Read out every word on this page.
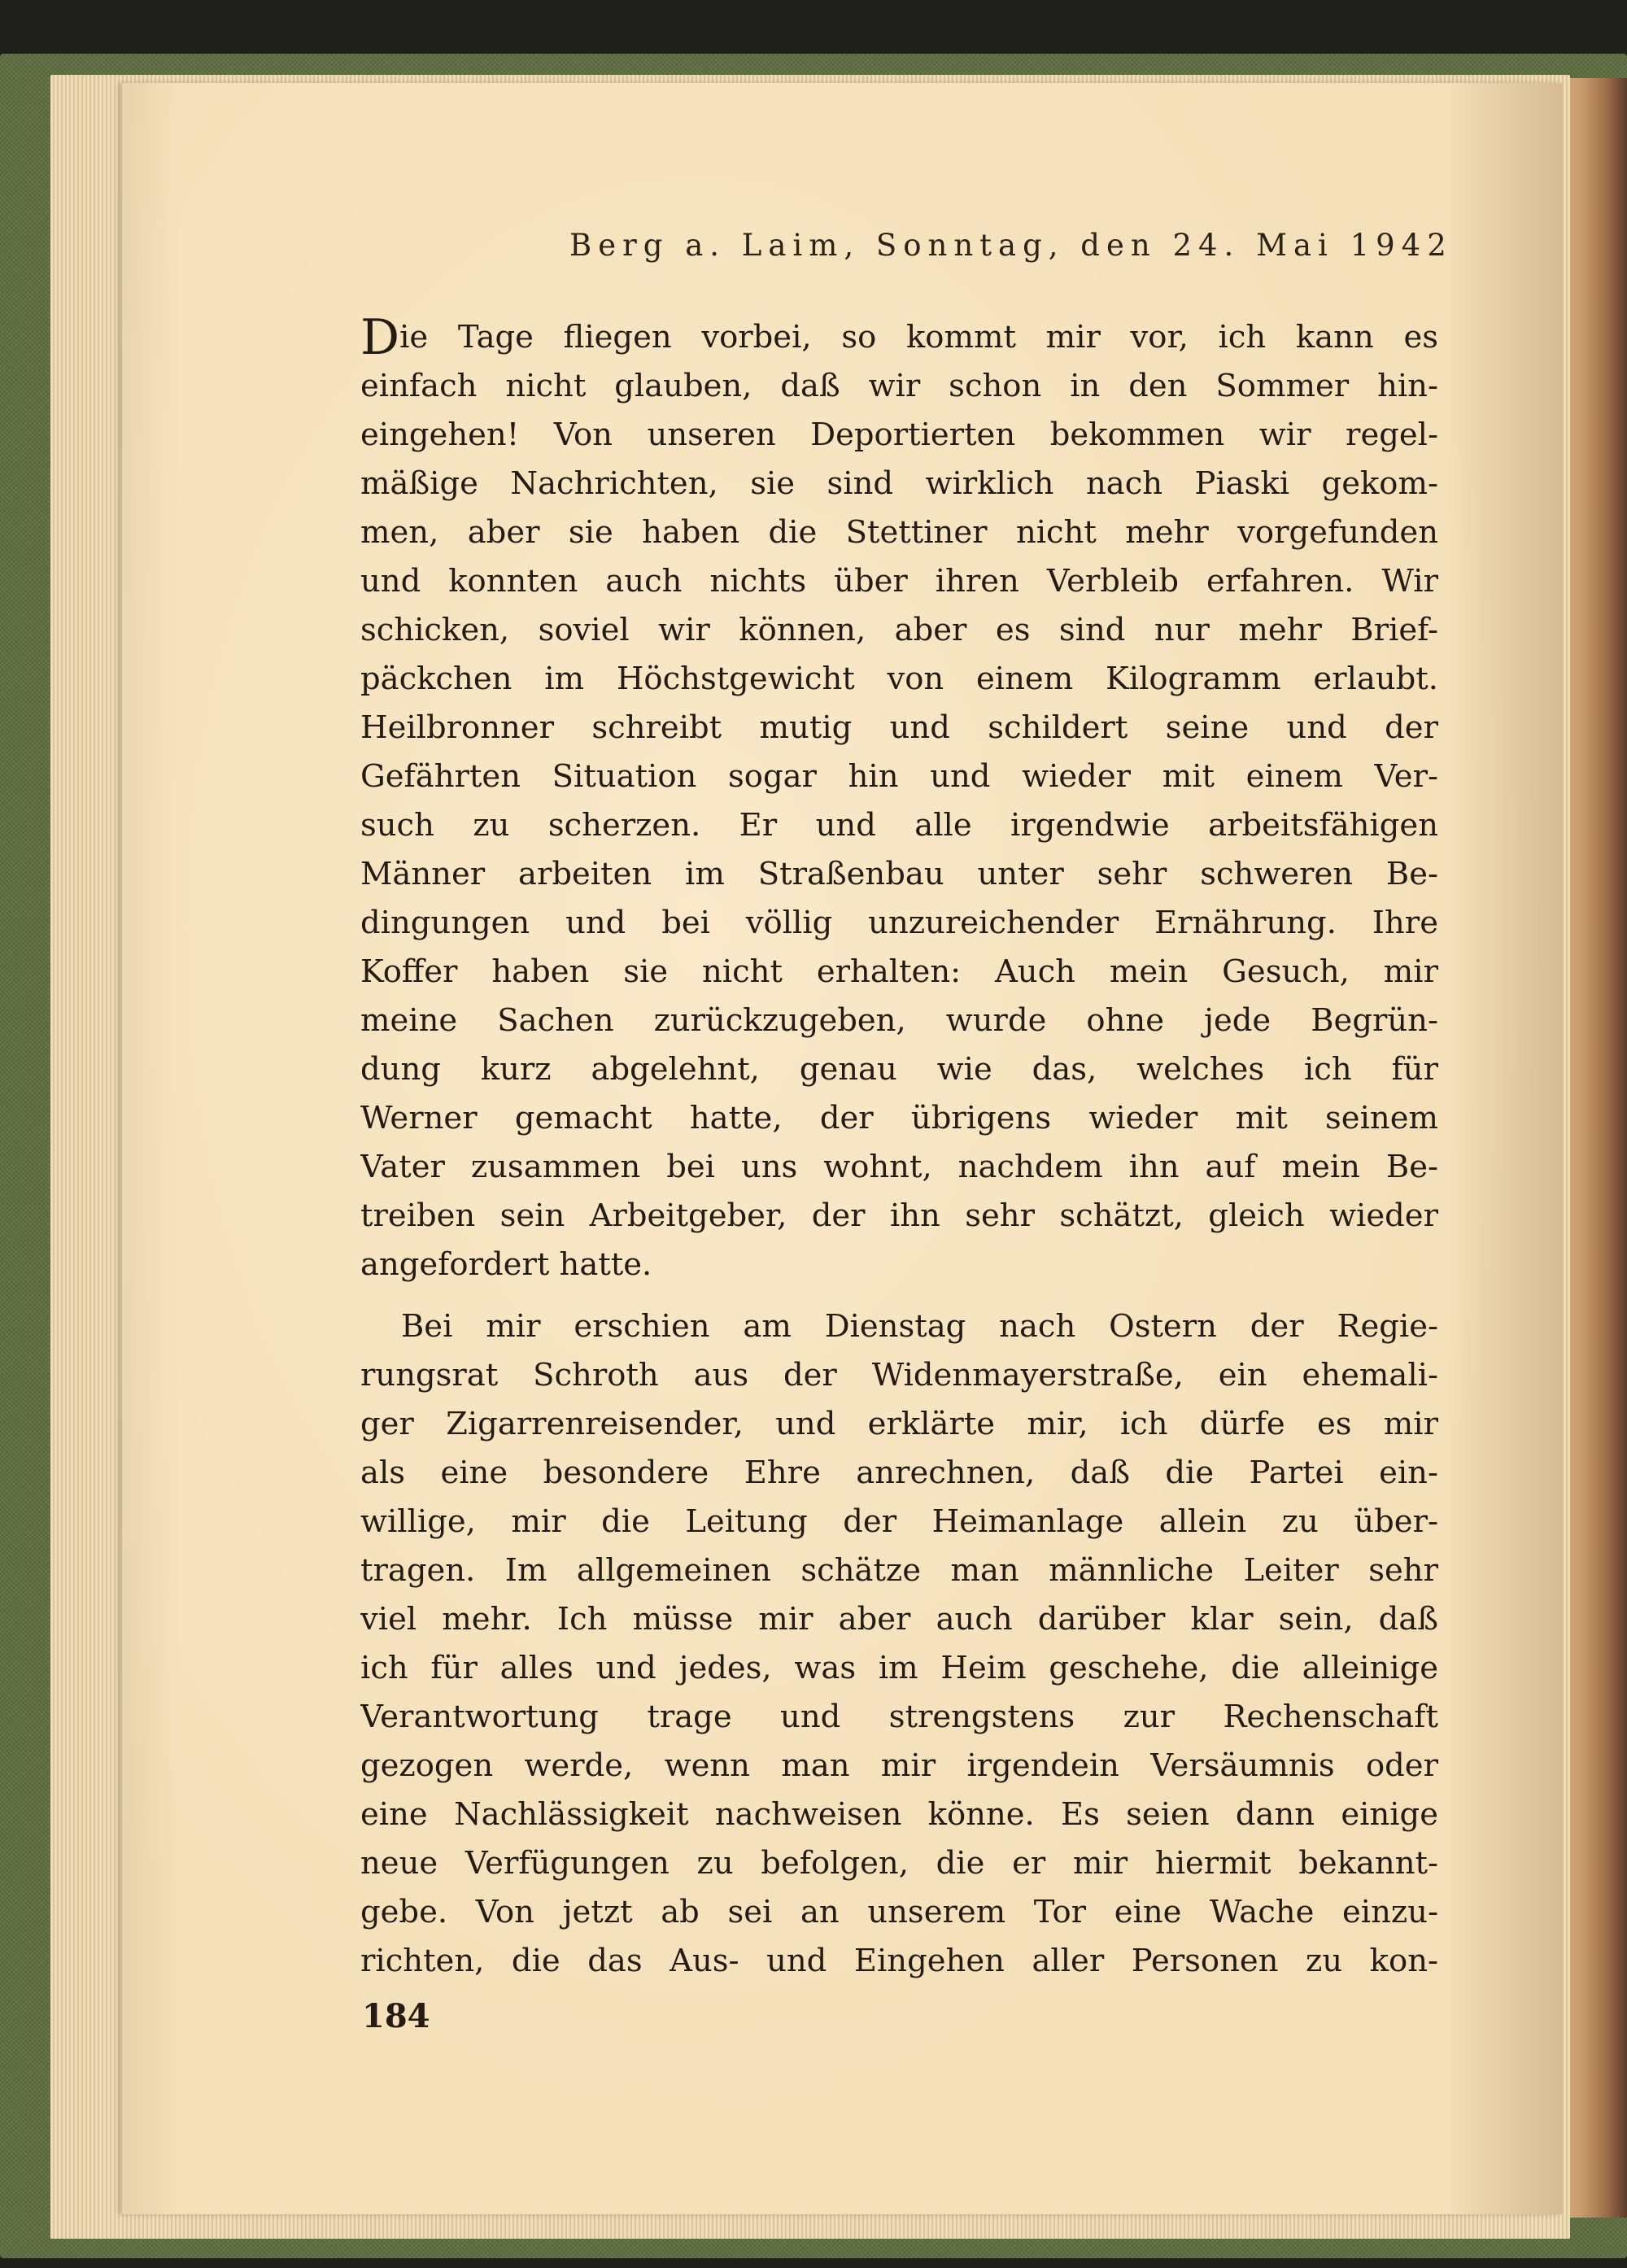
Berg a. Laim, Sonntag, den 24. Mai 1942
Die Tage fliegen vorbei, so kommt mir vor, ich kann es
einfach nicht glauben, daß wir schon in den Sommer hin-
eingehen! Von unseren Deportierten bekommen wir regel-
mäßige Nachrichten, sie sind wirklich nach Piaski gekom-
men, aber sie haben die Stettiner nicht mehr vorgefunden
und konnten auch nichts über ihren Verbleib erfahren. Wir
schicken, soviel wir können, aber es sind nur mehr Brief-
päckchen im Höchstgewicht von einem Kilogramm erlaubt.
Heilbronner schreibt mutig und schildert seine und der
Gefährten Situation sogar hin und wieder mit einem Ver-
such zu scherzen. Er und alle irgendwie arbeitsfähigen
Männer arbeiten im Straßenbau unter sehr schweren Be-
dingungen und bei völlig unzureichender Ernährung. Ihre
Koffer haben sie nicht erhalten: Auch mein Gesuch, mir
meine Sachen zurückzugeben, wurde ohne jede Begrün-
dung kurz abgelehnt, genau wie das, welches ich für
Werner gemacht hatte, der übrigens wieder mit seinem
Vater zusammen bei uns wohnt, nachdem ihn auf mein Be-
treiben sein Arbeitgeber, der ihn sehr schätzt, gleich wieder
angefordert hatte.
Bei mir erschien am Dienstag nach Ostern der Regie-
rungsrat Schroth aus der Widenmayerstraße, ein ehemali-
ger Zigarrenreisender, und erklärte mir, ich dürfe es mir
als eine besondere Ehre anrechnen, daß die Partei ein-
willige, mir die Leitung der Heimanlage allein zu über-
tragen. Im allgemeinen schätze man männliche Leiter sehr
viel mehr. Ich müsse mir aber auch darüber klar sein, daß
ich für alles und jedes, was im Heim geschehe, die alleinige
Verantwortung trage und strengstens zur Rechenschaft
gezogen werde, wenn man mir irgendein Versäumnis oder
eine Nachlässigkeit nachweisen könne. Es seien dann einige
neue Verfügungen zu befolgen, die er mir hiermit bekannt-
gebe. Von jetzt ab sei an unserem Tor eine Wache einzu-
richten, die das Aus- und Eingehen aller Personen zu kon-
184
